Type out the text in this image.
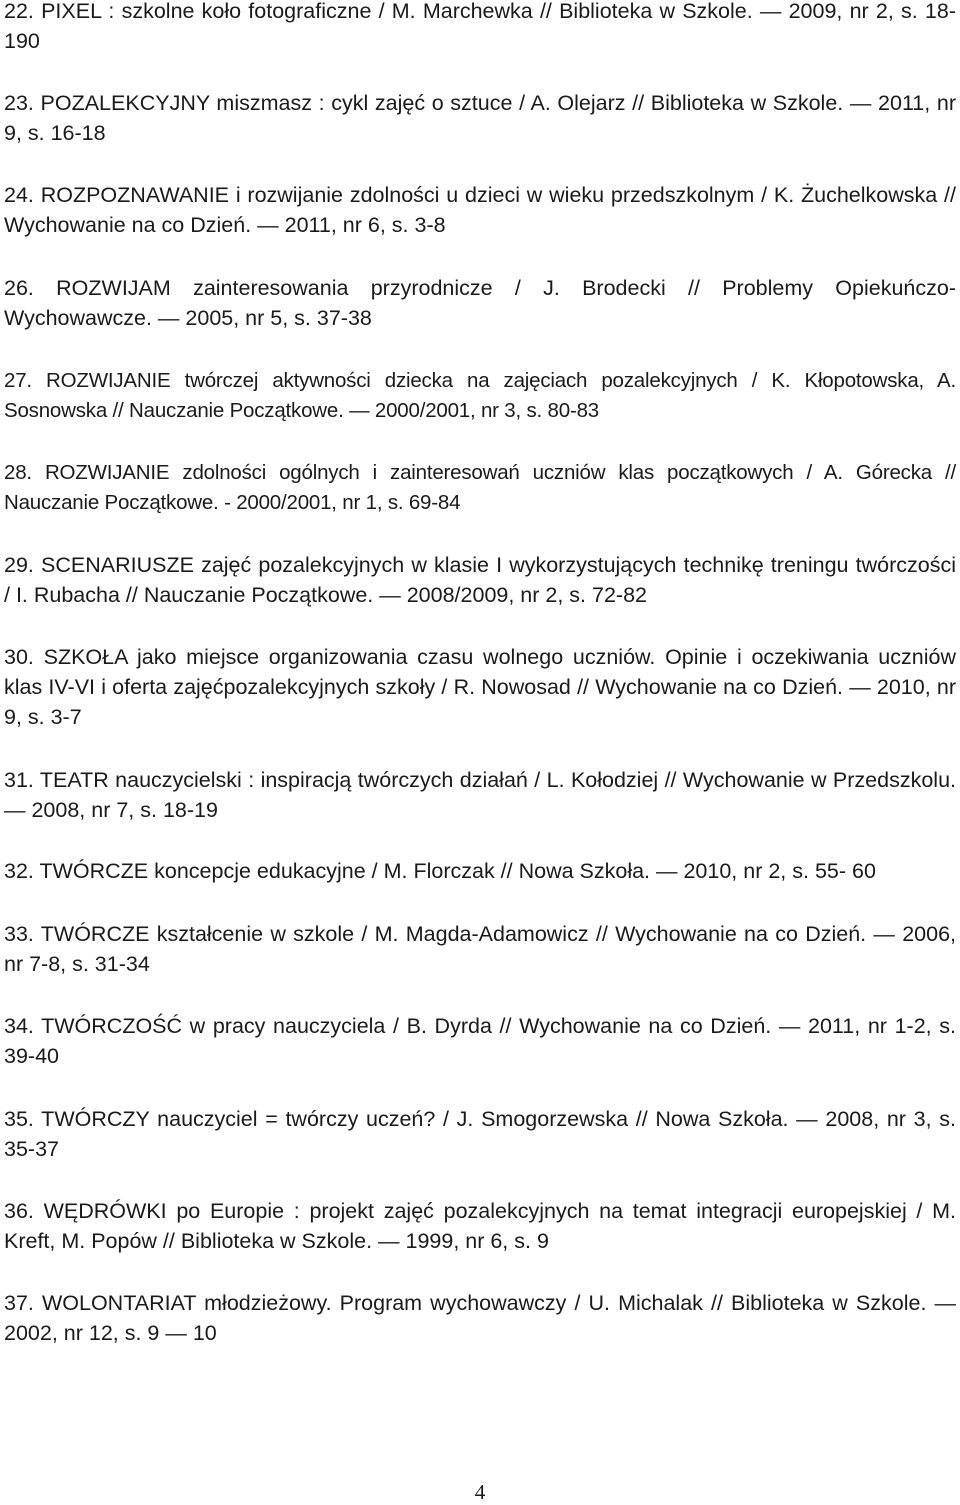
22. PIXEL : szkolne koło fotograficzne / M. Marchewka // Biblioteka w Szkole. ― 2009, nr 2, s. 18-190

23. POZALEKCYJNY miszmasz : cykl zajęć o sztuce / A. Olejarz // Biblioteka w Szkole. ― 2011, nr 9, s. 16-18

24. ROZPOZNAWANIE i rozwijanie zdolności u dzieci w wieku przedszkolnym / K. Żuchelkowska // Wychowanie na co Dzień. ― 2011, nr 6, s. 3-8

26. ROZWIJAM zainteresowania przyrodnicze / J. Brodecki // Problemy Opiekuńczo-Wychowawcze. ― 2005, nr 5, s. 37-38

27. ROZWIJANIE twórczej aktywności dziecka na zajęciach pozalekcyjnych / K. Kłopotowska, A. Sosnowska // Nauczanie Początkowe. ― 2000/2001, nr 3, s. 80-83

28. ROZWIJANIE zdolności ogólnych i zainteresowań uczniów klas początkowych / A. Górecka // Nauczanie Początkowe. - 2000/2001, nr 1, s. 69-84

29. SCENARIUSZE zajęć pozalekcyjnych w klasie I wykorzystujących technikę treningu twórczości / I. Rubacha // Nauczanie Początkowe. ― 2008/2009, nr 2, s. 72-82

30. SZKOŁA jako miejsce organizowania czasu wolnego uczniów. Opinie i oczekiwania uczniów klas IV-VI i oferta zajęćpozalekcyjnych szkoły / R. Nowosad // Wychowanie na co Dzień. ― 2010, nr 9, s. 3-7

31. TEATR nauczycielski : inspiracją twórczych działań / L. Kołodziej // Wychowanie w Przedszkolu. ― 2008, nr 7, s. 18-19

32. TWÓRCZE koncepcje edukacyjne / M. Florczak // Nowa Szkoła. ― 2010, nr 2, s. 55- 60

33. TWÓRCZE kształcenie w szkole / M. Magda-Adamowicz // Wychowanie na co Dzień. ― 2006, nr 7-8, s. 31-34

34. TWÓRCZOŚĆ w pracy nauczyciela / B. Dyrda // Wychowanie na co Dzień. ― 2011, nr 1-2, s. 39-40

35. TWÓRCZY nauczyciel = twórczy uczeń? / J. Smogorzewska // Nowa Szkoła. ― 2008, nr 3, s. 35-37

36. WĘDRÓWKI po Europie : projekt zajęć pozalekcyjnych na temat integracji europejskiej / M. Kreft, M. Popów // Biblioteka w Szkole. ― 1999, nr 6, s. 9

37. WOLONTARIAT młodzieżowy. Program wychowawczy / U. Michalak // Biblioteka w Szkole. ― 2002, nr 12, s. 9 ― 10

4
